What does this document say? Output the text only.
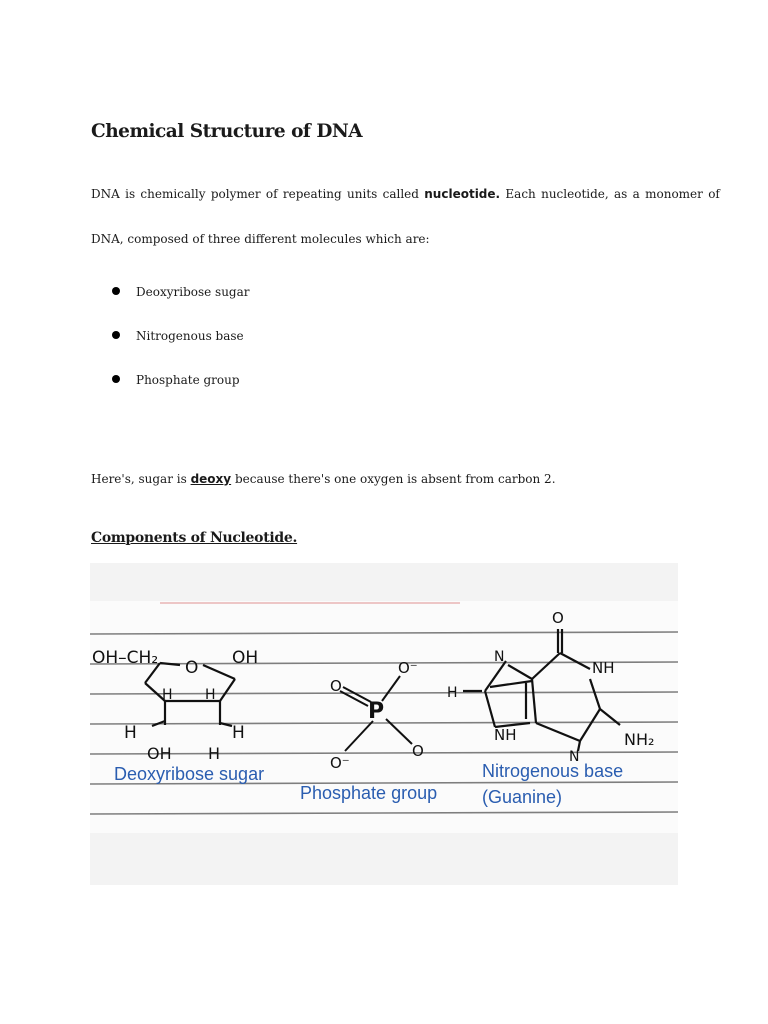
Chemical Structure of DNA

DNA is chemically polymer of repeating units called nucleotide. Each nucleotide, as a monomer of

DNA, composed of three different molecules which are:

Deoxyribose sugar
Nitrogenous base
Phosphate group

Here's, sugar is deoxy because there's one oxygen is absent from carbon 2.

Components of Nucleotide.
OH–CH₂ O OH
H H
H	H
OH H
Deoxyribose sugar
O
O⁻
P
O⁻
O
Phosphate group
O
N
NH
H
NH
N
NH₂
Nitrogenous base
(Guanine)
